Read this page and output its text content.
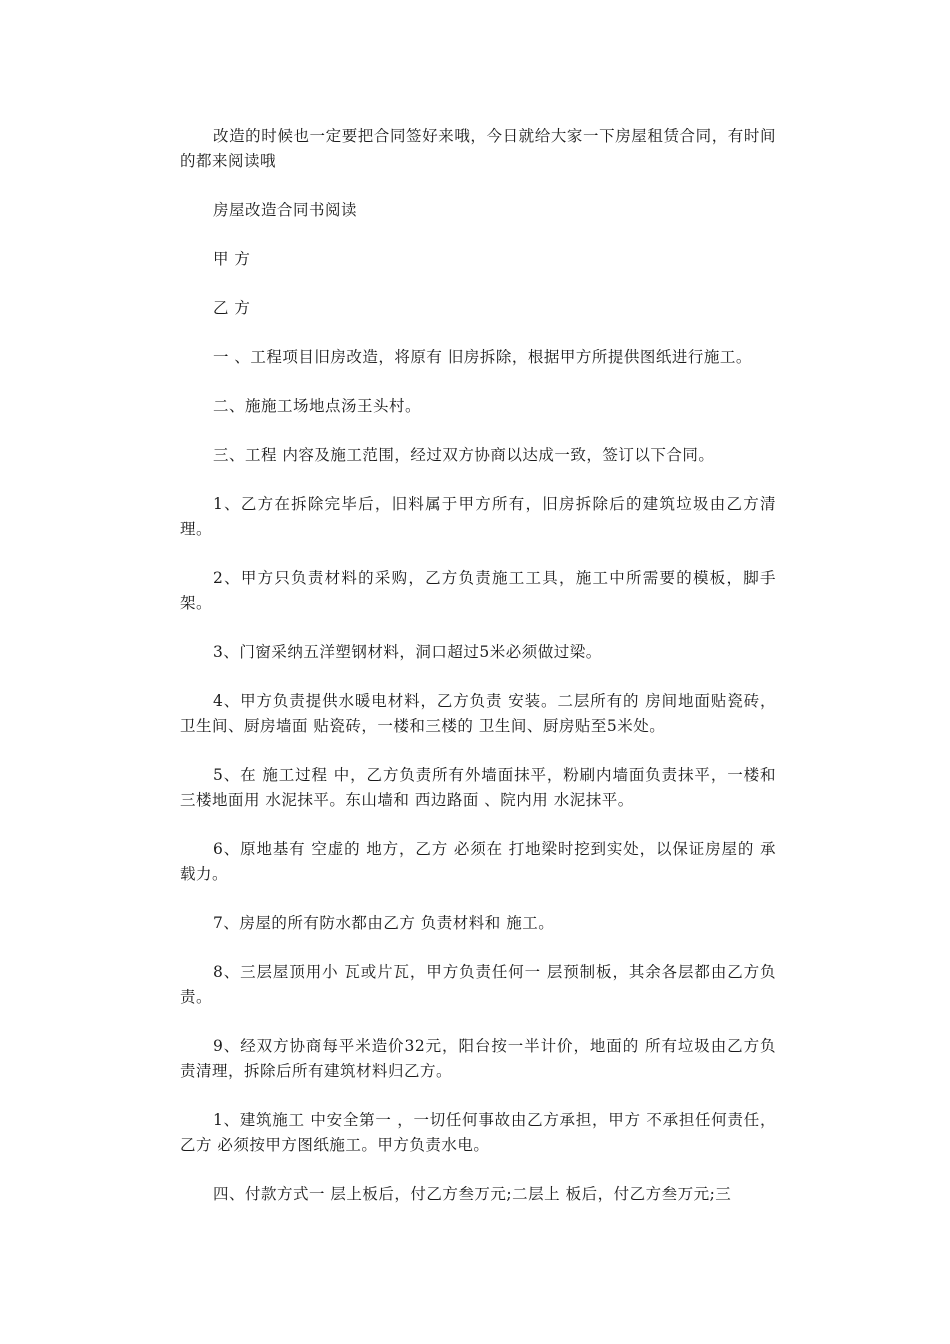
改造的时候也一定要把合同签好来哦，今日就给大家一下房屋租赁合同，有时间的都来阅读哦

房屋改造合同书阅读

甲 方

乙 方

一 、工程项目旧房改造，将原有 旧房拆除，根据甲方所提供图纸进行施工。

二、施施工场地点汤王头村。

三、工程 内容及施工范围，经过双方协商以达成一致，签订以下合同。

1、乙方在拆除完毕后，旧料属于甲方所有，旧房拆除后的建筑垃圾由乙方清理。

2、甲方只负责材料的采购，乙方负责施工工具，施工中所需要的模板，脚手架。

3、门窗采纳五洋塑钢材料，洞口超过5米必须做过梁。

4、甲方负责提供水暖电材料，乙方负责 安装。二层所有的 房间地面贴瓷砖，卫生间、厨房墙面 贴瓷砖，一楼和三楼的 卫生间、厨房贴至5米处。

5、在 施工过程 中，乙方负责所有外墙面抹平，粉刷内墙面负责抹平，一楼和 三楼地面用 水泥抹平。东山墙和 西边路面 、院内用 水泥抹平。

6、原地基有 空虚的 地方，乙方 必须在 打地梁时挖到实处，以保证房屋的 承载力。

7、房屋的所有防水都由乙方 负责材料和 施工。

8、三层屋顶用小 瓦或片瓦，甲方负责任何一 层预制板，其余各层都由乙方负责。

9、经双方协商每平米造价32元，阳台按一半计价，地面的 所有垃圾由乙方负责清理，拆除后所有建筑材料归乙方。

1、建筑施工 中安全第一 ，一切任何事故由乙方承担，甲方 不承担任何责任，乙方 必须按甲方图纸施工。甲方负责水电。

四、付款方式一 层上板后，付乙方叁万元;二层上 板后，付乙方叁万元;三
